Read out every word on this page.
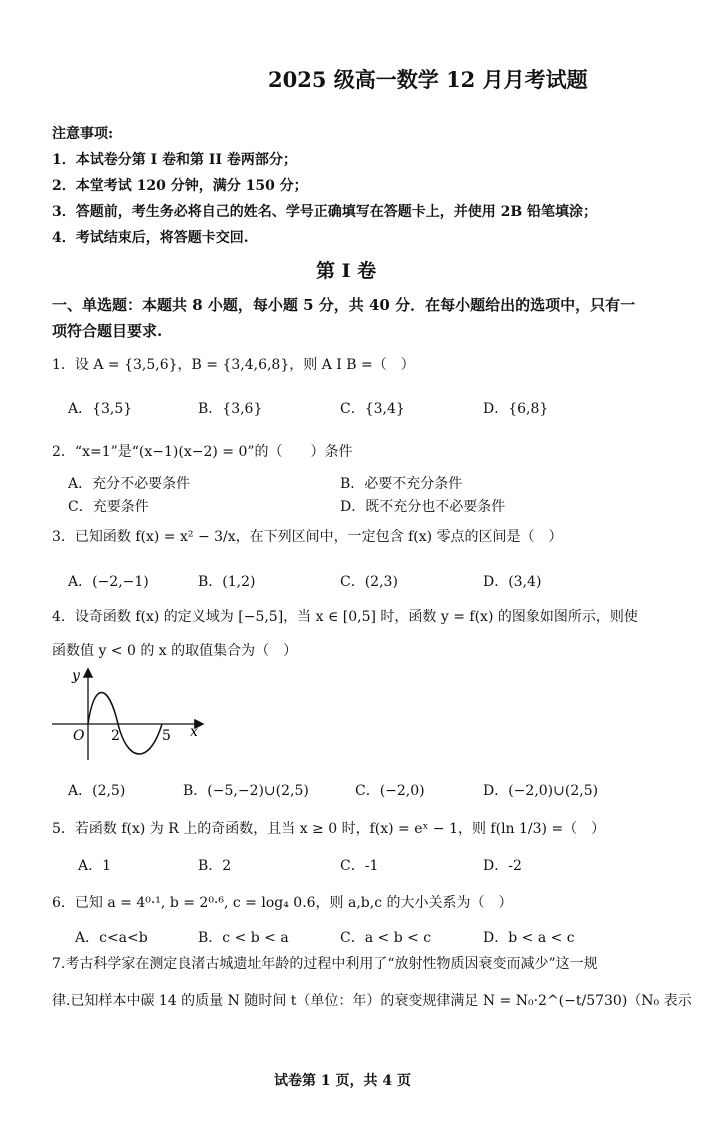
2025 级高一数学 12 月月考试题
注意事项:
1．本试卷分第 I 卷和第 II 卷两部分；
2．本堂考试 120 分钟，满分 150 分；
3．答题前，考生务必将自己的姓名、学号正确填写在答题卡上，并使用 2B 铅笔填涂；
4．考试结束后，将答题卡交回.
第 I 卷
一、单选题：本题共 8 小题，每小题 5 分，共 40 分．在每小题给出的选项中，只有一
项符合题目要求.
1．设 A = {3,5,6}，B = {3,4,6,8}，则 A I B =（　）
A．{3,5}	B．{3,6}	C．{3,4}	D．{6,8}
2．“x=1”是“(x−1)(x−2) = 0”的（　　）条件
A．充分不必要条件	B．必要不充分条件
C．充要条件	D．既不充分也不必要条件
3．已知函数 f(x) = x² − 3/x，在下列区间中，一定包含 f(x) 零点的区间是（　）
A．(−2,−1)	B．(1,2)	C．(2,3)	D．(3,4)
4．设奇函数 f(x) 的定义域为 [−5,5]，当 x ∈ [0,5] 时，函数 y = f(x) 的图象如图所示，则使
函数值 y < 0 的 x 的取值集合为（　）
y
x
O 2	5
A．(2,5)	B．(−5,−2)∪(2,5)	C．(−2,0)	D．(−2,0)∪(2,5)
5．若函数 f(x) 为 R 上的奇函数，且当 x ≥ 0 时，f(x) = eˣ − 1，则 f(ln 1/3) =（　）
A．1	B．2	C．-1	D．-2
6．已知 a = 4⁰·¹, b = 2⁰·⁶, c = log₄ 0.6，则 a,b,c 的大小关系为（　）
A．c<a<b	B．c < b < a	C．a < b < c	D．b < a < c
7.考古科学家在测定良渚古城遗址年龄的过程中利用了“放射性物质因衰变而减少”这一规
律.已知样本中碳 14 的质量 N 随时间 t（单位：年）的衰变规律满足 N = N₀·2^(−t/5730)（N₀ 表示
试卷第 1 页，共 4 页
